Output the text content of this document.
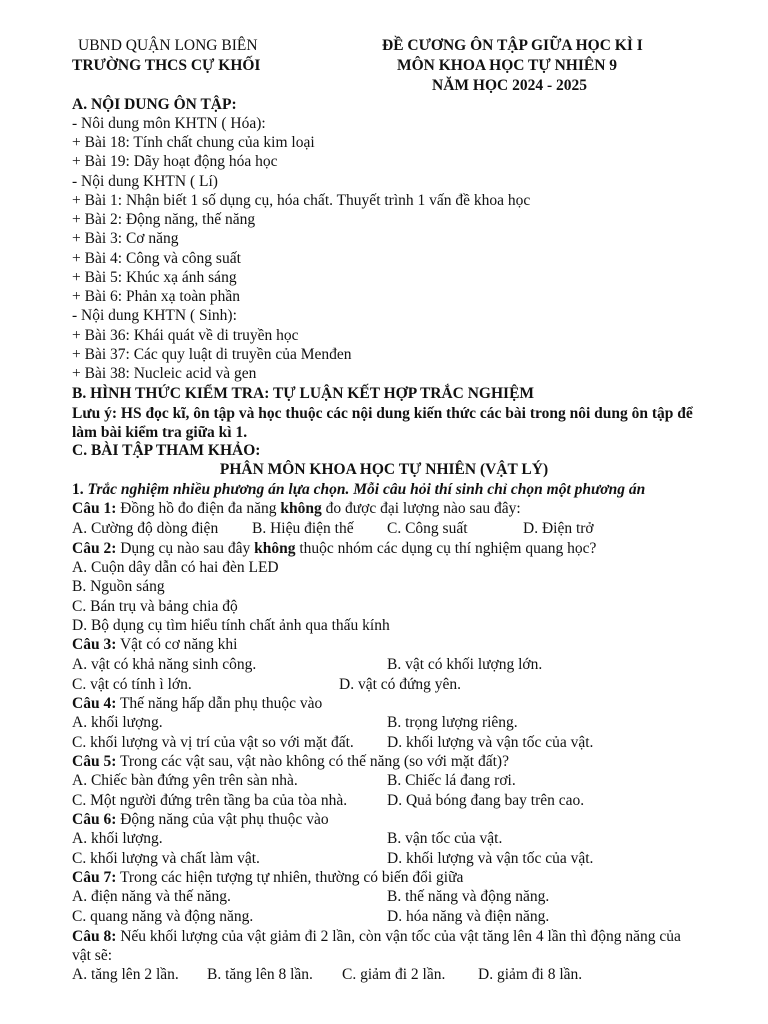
UBND QUẬN LONG BIÊN
TRƯỜNG THCS CỰ KHỐI
ĐỀ CƯƠNG ÔN TẬP GIỮA HỌC KÌ I
MÔN KHOA HỌC TỰ NHIÊN 9
NĂM HỌC 2024 - 2025
A. NỘI DUNG ÔN TẬP:
- Nôi dung môn KHTN ( Hóa):
+ Bài 18: Tính chất chung của kim loại
+ Bài 19: Dãy hoạt động hóa học
- Nội dung KHTN ( Lí)
+ Bài 1: Nhận biết 1 số dụng cụ, hóa chất. Thuyết trình 1 vấn đề khoa học
+ Bài 2: Động năng, thế năng
+ Bài 3: Cơ năng
+ Bài 4: Công và công suất
+ Bài 5: Khúc xạ ánh sáng
+ Bài 6: Phản xạ toàn phần
- Nội dung KHTN ( Sinh):
+ Bài 36: Khái quát về di truyền học
+ Bài 37: Các quy luật di truyền của Menđen
+ Bài 38: Nucleic acid và gen
B. HÌNH THỨC KIỂM TRA: TỰ LUẬN KẾT HỢP TRẮC NGHIỆM
Lưu ý: HS đọc kĩ, ôn tập và học thuộc các nội dung kiến thức các bài trong nôi dung ôn tập để làm bài kiểm tra giữa kì 1.
C. BÀI TẬP THAM KHẢO:
PHÂN MÔN KHOA HỌC TỰ NHIÊN (VẬT LÝ)
1. Trắc nghiệm nhiều phương án lựa chọn. Mỗi câu hỏi thí sinh chỉ chọn một phương án
Câu 1: Đồng hồ đo điện đa năng không đo được đại lượng nào sau đây:
A. Cường độ dòng điện B. Hiệu điện thế C. Công suất	D. Điện trở
Câu 2: Dụng cụ nào sau đây không thuộc nhóm các dụng cụ thí nghiệm quang học?
A. Cuộn dây dẫn có hai đèn LED
B. Nguồn sáng
C. Bán trụ và bảng chia độ
D. Bộ dụng cụ tìm hiểu tính chất ảnh qua thấu kính
Câu 3: Vật có cơ năng khi
A. vật có khả năng sinh công.	B. vật có khối lượng lớn.
C. vật có tính ì lớn.	D. vật có đứng yên.
Câu 4: Thế năng hấp dẫn phụ thuộc vào
A. khối lượng.	B. trọng lượng riêng.
C. khối lượng và vị trí của vật so với mặt đất. D. khối lượng và vận tốc của vật.
Câu 5: Trong các vật sau, vật nào không có thế năng (so với mặt đất)?
A. Chiếc bàn đứng yên trên sàn nhà.	B. Chiếc lá đang rơi.
C. Một người đứng trên tầng ba của tòa nhà.	D. Quả bóng đang bay trên cao.
Câu 6: Động năng của vật phụ thuộc vào
A. khối lượng.	B. vận tốc của vật.
C. khối lượng và chất làm vật.	D. khối lượng và vận tốc của vật.
Câu 7: Trong các hiện tượng tự nhiên, thường có biến đổi giữa
A. điện năng và thế năng.	B. thế năng và động năng.
C. quang năng và động năng.	D. hóa năng và điện năng.
Câu 8: Nếu khối lượng của vật giảm đi 2 lần, còn vận tốc của vật tăng lên 4 lần thì động năng của vật sẽ:
A. tăng lên 2 lần. B. tăng lên 8 lần. C. giảm đi 2 lần. D. giảm đi 8 lần.
